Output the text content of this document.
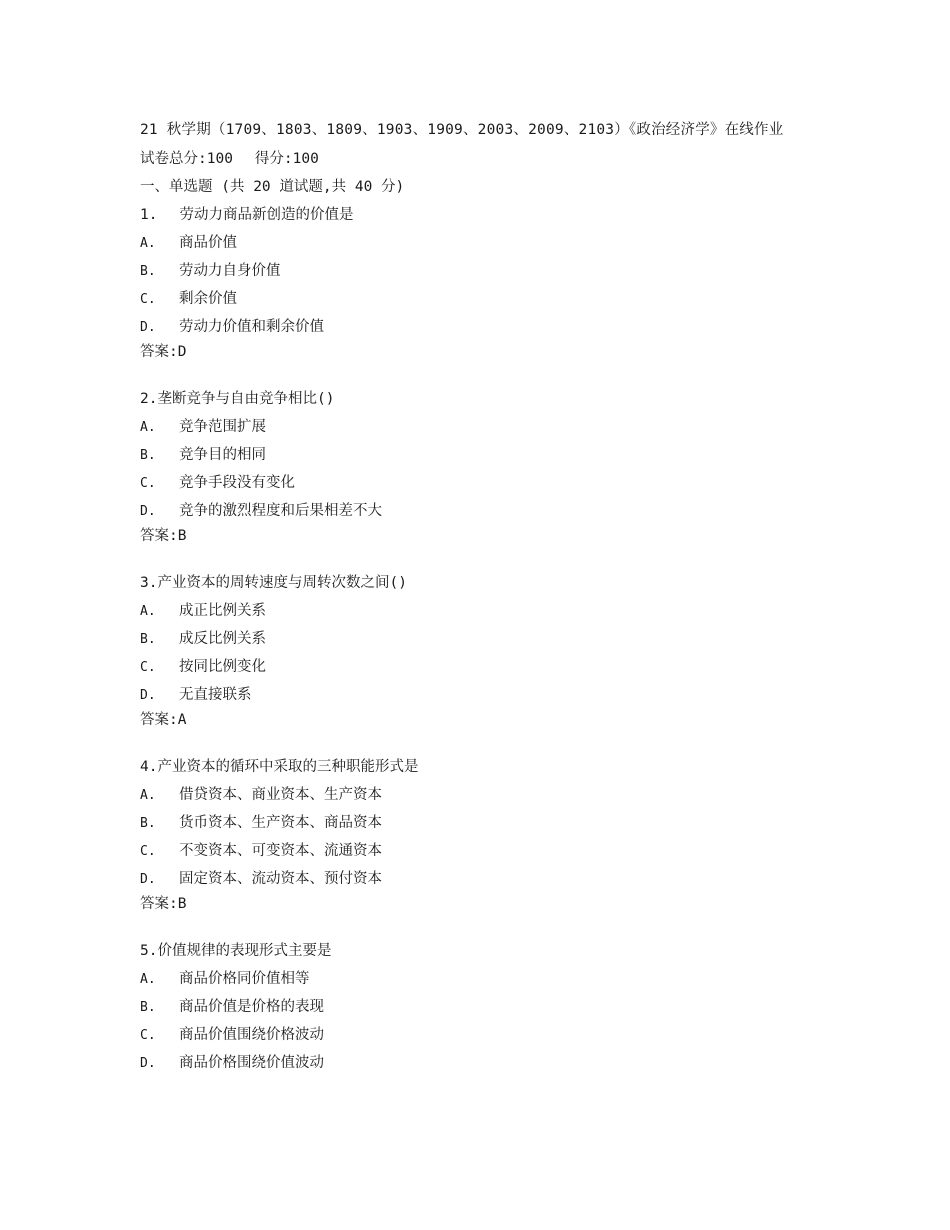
21 秋学期（1709、1803、1809、1903、1909、2003、2009、2103）《政治经济学》在线作业
试卷总分:100 得分:100
一、单选题 (共 20 道试题,共 40 分)
1. 劳动力商品新创造的价值是
A. 商品价值
B. 劳动力自身价值
C. 剩余价值
D. 劳动力价值和剩余价值
答案:D
2.垄断竞争与自由竞争相比()
A. 竞争范围扩展
B. 竞争目的相同
C. 竞争手段没有变化
D. 竞争的激烈程度和后果相差不大
答案:B
3.产业资本的周转速度与周转次数之间()
A. 成正比例关系
B. 成反比例关系
C. 按同比例变化
D. 无直接联系
答案:A
4.产业资本的循环中采取的三种职能形式是
A. 借贷资本、商业资本、生产资本
B. 货币资本、生产资本、商品资本
C. 不变资本、可变资本、流通资本
D. 固定资本、流动资本、预付资本
答案:B
5.价值规律的表现形式主要是
A. 商品价格同价值相等
B. 商品价值是价格的表现
C. 商品价值围绕价格波动
D. 商品价格围绕价值波动
